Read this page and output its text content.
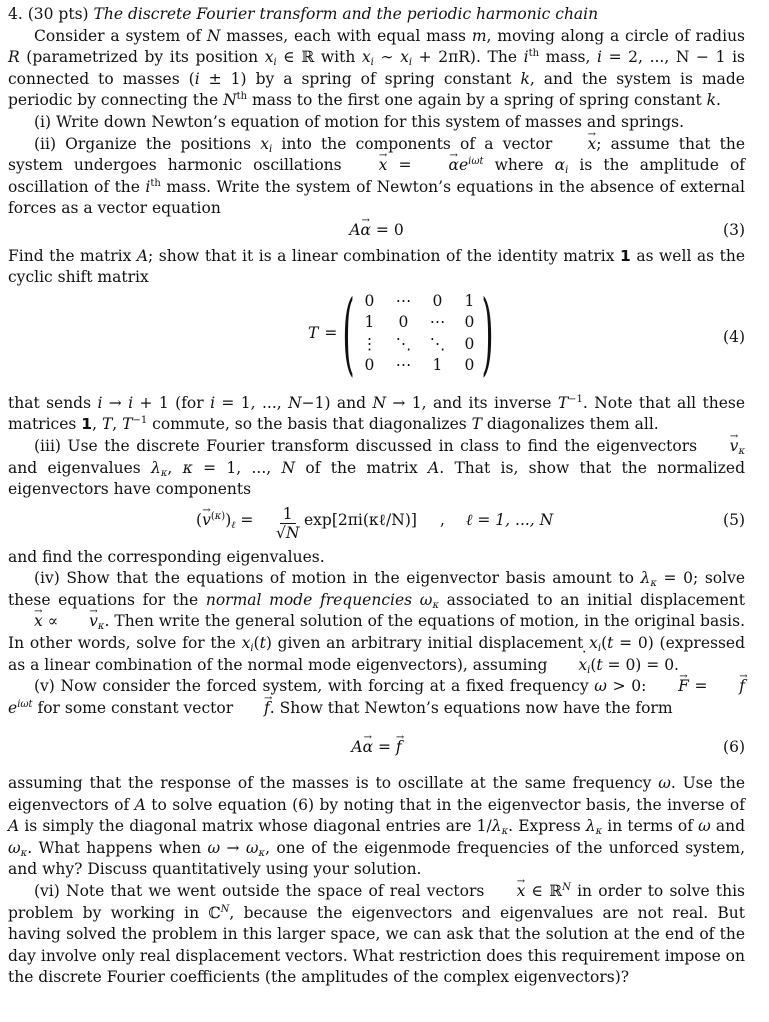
4. (30 pts) The discrete Fourier transform and the periodic harmonic chain

Consider a system of N masses, each with equal mass m, moving along a circle of radius R (parametrized by its position $x_i$ ∈ ℝ with $x_i$ ∼ $x_i + 2\pi R$). The $i^{th}$ mass, i = 2, ..., N − 1 is connected to masses (i ± 1) by a spring of spring constant k, and the system is made periodic by connecting the $N^{th}$ mass to the first one again by a spring of spring constant k.

(i) Write down Newton’s equation of motion for this system of masses and springs.

(ii) Organize the positions $x_i$ into the components of a vector x →; assume that the system undergoes harmonic oscillations x → = $\alpha \to e^{i\omega t}$ where $\alpha_i$ is the amplitude of oscillation of the $i^{th}$ mass. Write the system of Newton’s equations in the absence of external forces as a vector equation

Aα → = 0	(3)

Find the matrix A; show that it is a linear combination of the identity matrix 1 as well as the cyclic shift matrix

T = ( 0	⋯	0	1
1	0	⋯	0
⋮	⋱	⋱	0
0	⋯	1	0 )	(4)

that sends i → i + 1 (for i = 1, ..., N−1) and N → 1, and its inverse $T^{-1}$. Note that all these matrices 1, T, $T^{-1}$ commute, so the basis that diagonalizes T diagonalizes them all.

(iii) Use the discrete Fourier transform discussed in class to find the eigenvectors $v \to_\kappa$ and eigenvalues $\lambda_\kappa$, κ = 1, ..., N of the matrix A. That is, show that the normalized eigenvectors have components

$(v \to^{(\kappa)})_\ell = \frac{1}{√N}$ exp[2πi(κℓ/N)] , ℓ = 1, ..., N	(5)

and find the corresponding eigenvalues.

(iv) Show that the equations of motion in the eigenvector basis amount to $\lambda_\kappa = 0$; solve these equations for the normal mode frequencies $\omega_\kappa$ associated to an initial displacement x → ∝ $v \to_\kappa$. Then write the general solution of the equations of motion, in the original basis. In other words, solve for the $x_i(t)$ given an arbitrary initial displacement $x_i(t = 0)$ (expressed as a linear combination of the normal mode eigenvectors), assuming x $˙_i(t = 0) = 0$.

(v) Now consider the forced system, with forcing at a fixed frequency ω > 0: F → = $f \to e^{i\omega t}$ for some constant vector f →. Show that Newton’s equations now have the form

Aα → = f →	(6)

assuming that the response of the masses is to oscillate at the same frequency ω. Use the eigenvectors of A to solve equation (6) by noting that in the eigenvector basis, the inverse of A is simply the diagonal matrix whose diagonal entries are $1/\lambda_\kappa$. Express $\lambda_\kappa$ in terms of ω and $\omega_\kappa$. What happens when $\omega \to \omega_\kappa$, one of the eigenmode frequencies of the unforced system, and why? Discuss quantitatively using your solution.

(vi) Note that we went outside the space of real vectors x → ∈ ℝ$^N$ in order to solve this problem by working in ℂ$^N$, because the eigenvectors and eigenvalues are not real. But having solved the problem in this larger space, we can ask that the solution at the end of the day involve only real displacement vectors. What restriction does this requirement impose on the discrete Fourier coefficients (the amplitudes of the complex eigenvectors)?
